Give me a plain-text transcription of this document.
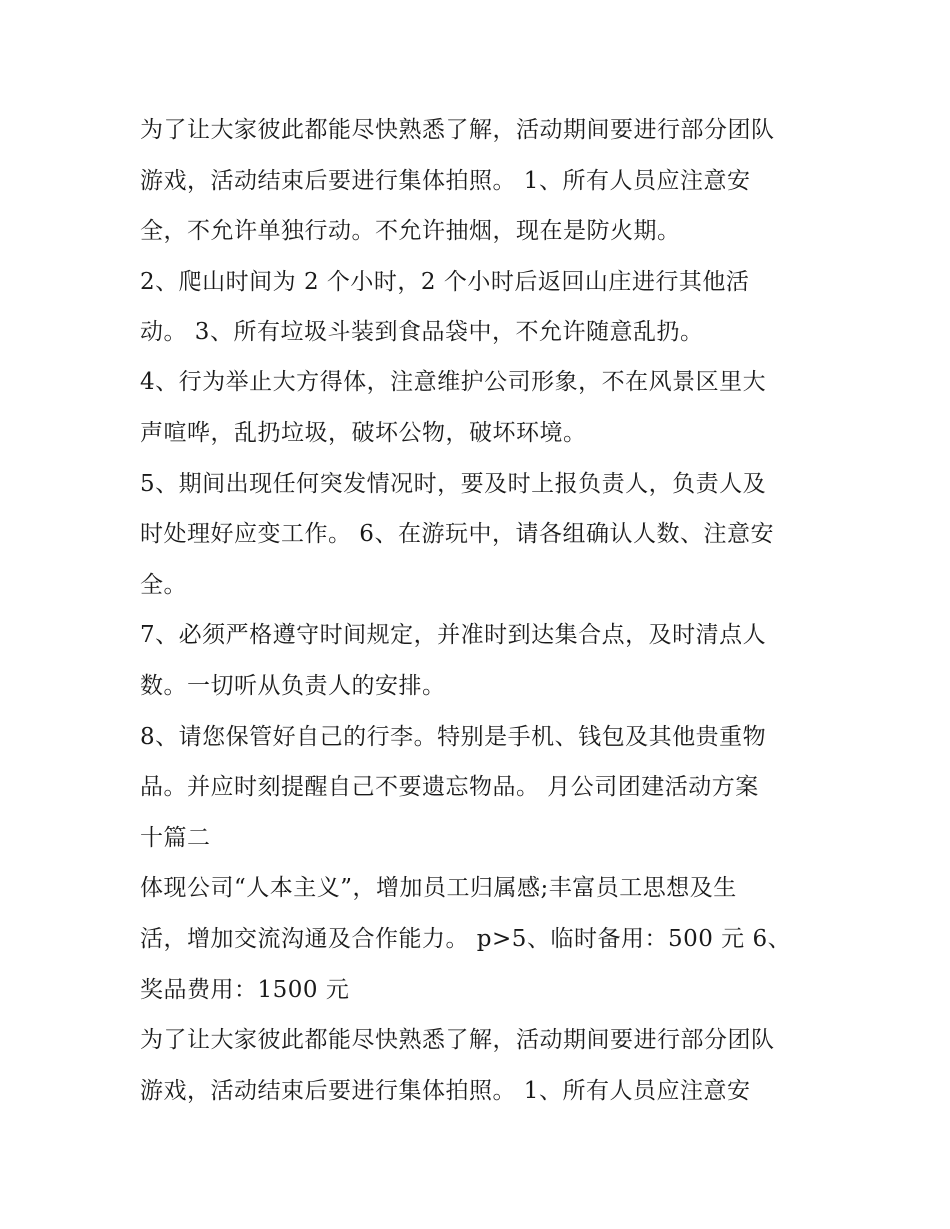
为了让大家彼此都能尽快熟悉了解，活动期间要进行部分团队
游戏，活动结束后要进行集体拍照。 1、所有人员应注意安
全，不允许单独行动。不允许抽烟，现在是防火期。
2、爬山时间为 2 个小时，2 个小时后返回山庄进行其他活
动。 3、所有垃圾斗装到食品袋中，不允许随意乱扔。
4、行为举止大方得体，注意维护公司形象，不在风景区里大
声喧哗，乱扔垃圾，破坏公物，破坏环境。
5、期间出现任何突发情况时，要及时上报负责人，负责人及
时处理好应变工作。 6、在游玩中，请各组确认人数、注意安
全。
7、必须严格遵守时间规定，并准时到达集合点，及时清点人
数。一切听从负责人的安排。
8、请您保管好自己的行李。特别是手机、钱包及其他贵重物
品。并应时刻提醒自己不要遗忘物品。 月公司团建活动方案
十篇二
体现公司“人本主义”，增加员工归属感;丰富员工思想及生
活，增加交流沟通及合作能力。 p>5、临时备用：500 元 6、
奖品费用：1500 元
为了让大家彼此都能尽快熟悉了解，活动期间要进行部分团队
游戏，活动结束后要进行集体拍照。 1、所有人员应注意安
